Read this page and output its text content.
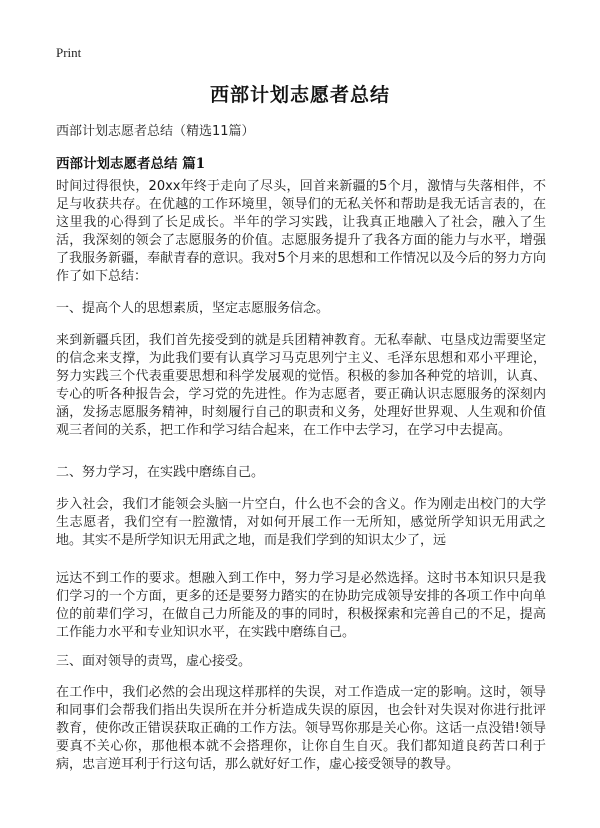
Print
西部计划志愿者总结
西部计划志愿者总结（精选11篇）
西部计划志愿者总结 篇1
时间过得很快，20xx年终于走向了尽头，回首来新疆的5个月，激情与失落相伴，不足与收获共存。在优越的工作环境里，领导们的无私关怀和帮助是我无话言表的，在这里我的心得到了长足成长。半年的学习实践，让我真正地融入了社会，融入了生活，我深刻的领会了志愿服务的价值。志愿服务提升了我各方面的能力与水平，增强了我服务新疆，奉献青春的意识。我对5个月来的思想和工作情况以及今后的努力方向作了如下总结：
一、提高个人的思想素质，坚定志愿服务信念。
来到新疆兵团，我们首先接受到的就是兵团精神教育。无私奉献、屯垦戍边需要坚定的信念来支撑，为此我们要有认真学习马克思列宁主义、毛泽东思想和邓小平理论，努力实践三个代表重要思想和科学发展观的觉悟。积极的参加各种党的培训，认真、专心的听各种报告会，学习党的先进性。作为志愿者，要正确认识志愿服务的深刻内涵，发扬志愿服务精神，时刻履行自己的职责和义务，处理好世界观、人生观和价值观三者间的关系，把工作和学习结合起来，在工作中去学习，在学习中去提高。
二、努力学习，在实践中磨练自己。
步入社会，我们才能领会头脑一片空白，什么也不会的含义。作为刚走出校门的大学生志愿者，我们空有一腔激情，对如何开展工作一无所知，感觉所学知识无用武之地。其实不是所学知识无用武之地，而是我们学到的知识太少了，远
远达不到工作的要求。想融入到工作中，努力学习是必然选择。这时书本知识只是我们学习的一个方面，更多的还是要努力踏实的在协助完成领导安排的各项工作中向单位的前辈们学习，在做自己力所能及的事的同时，积极探索和完善自己的不足，提高工作能力水平和专业知识水平，在实践中磨练自己。
三、面对领导的责骂，虚心接受。
在工作中，我们必然的会出现这样那样的失误，对工作造成一定的影响。这时，领导和同事们会帮我们指出失误所在并分析造成失误的原因，也会针对失误对你进行批评教育，使你改正错误获取正确的工作方法。领导骂你那是关心你。这话一点没错!领导要真不关心你，那他根本就不会搭理你，让你自生自灭。我们都知道良药苦口利于病，忠言逆耳利于行这句话，那么就好好工作，虚心接受领导的教导。
